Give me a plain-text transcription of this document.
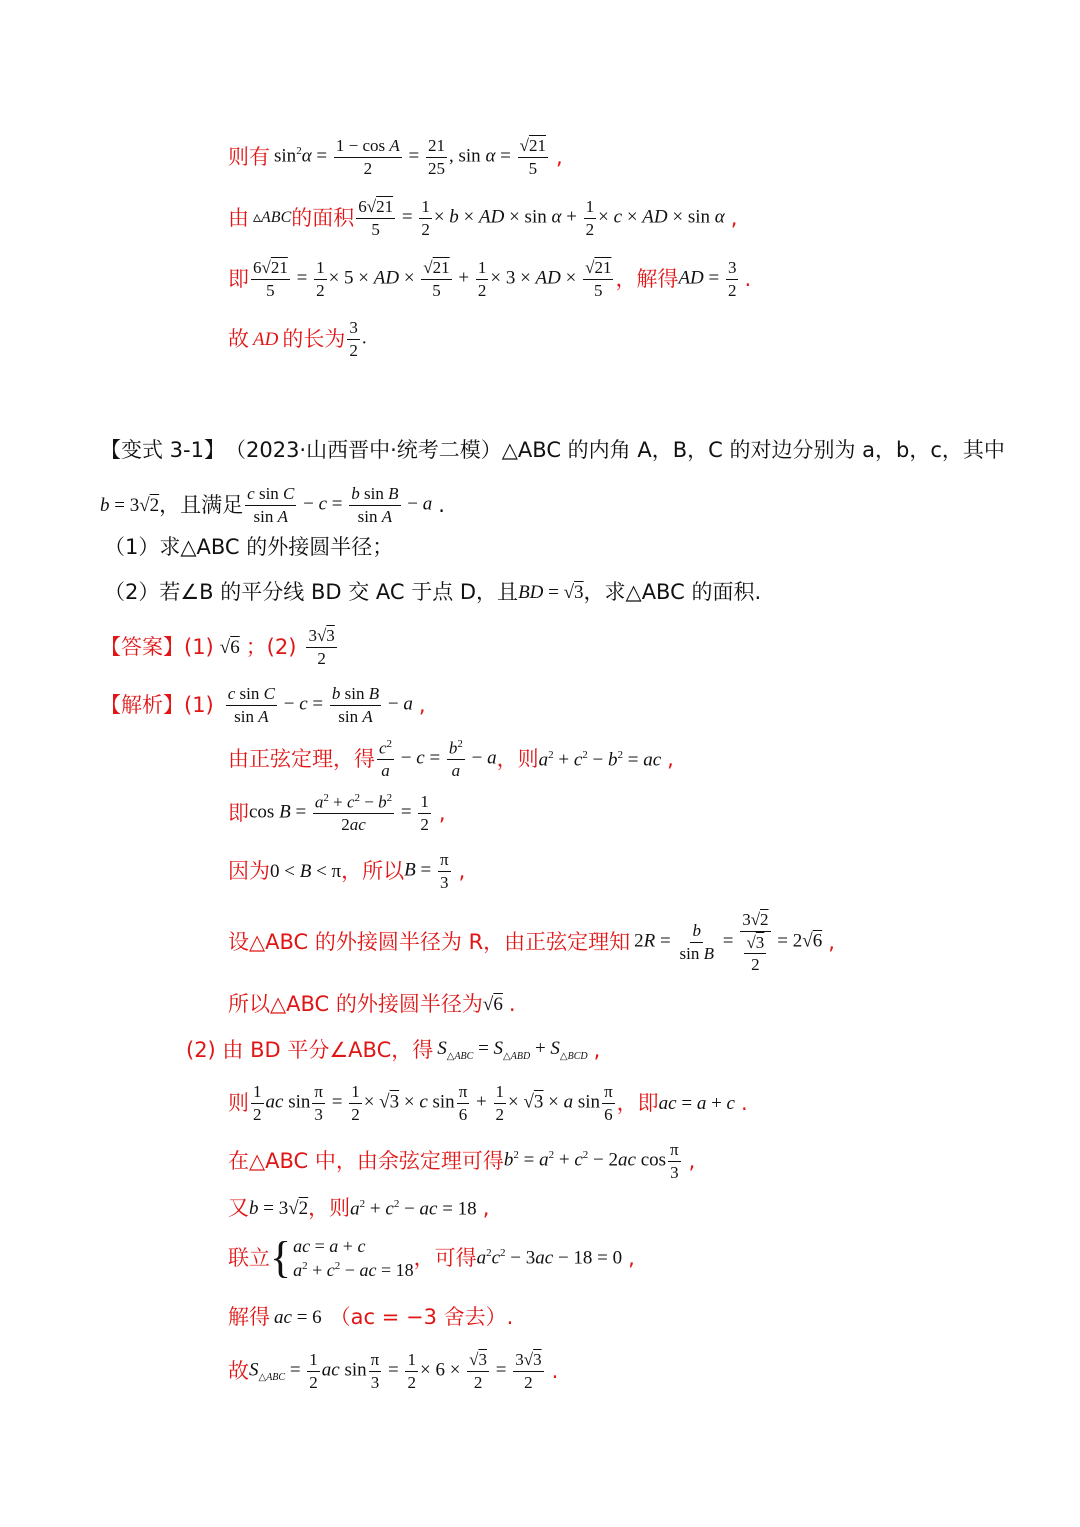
则有 $\sin^2\alpha = \frac{\text{1 − cos A}}{2} = \frac{21}{25}$ , $\sin \alpha = \frac{√21}{5}$ ,
由 ▵ABC 的面积 $\frac{6√21}{5} = \frac{1}{2} \times b$ × AD × $\sin \alpha + \frac{1}{2} \times c$ × AD × sin α ,
即 $\frac{6√21}{5} = \frac{1}{2} \times 5$ × AD × $\frac{√21}{5} + \frac{1}{2} \times 3$ × AD × $\frac{√21}{5}$ ，解得 AD = $\frac{3}{2}$ .
故 AD 的长为 $\frac{3}{2}$ .
【变式 3-1】 （2023·山西晋中·统考二模） △ABC 的内角 A，B，C 的对边分别为 a，b，c，其中
b = 3√2 ，且满足 $\frac{\text{c sin C}}{\text{sin A}} - c = \frac{\text{b sin B}}{\text{sin A}} - a$ .
（1）求△ABC 的外接圆半径；
（2）若∠B 的平分线 BD 交 AC 于点 D，且 BD = √3 ，求△ABC 的面积.
【答案】 (1) √6 ；$(2) \frac{3√3}{2}$
【解析】 $(1) \frac{\text{c sin C}}{\text{sin A}} - c = \frac{\text{b sin B}}{\text{sin A}} - a$ ,
由正弦定理，得 $\frac{c^2}{a} - c = \frac{b^2}{a} - a$ ，则 $a^2 + c^2 - b^2$ = ac ,
即 $\cos B = \frac{a^2 + c^2 - b^2}{2ac} = \frac{1}{2}$ ,
因为 0 < B < π ，所以 $B = \frac{\pi}{3}$ ,
设△ABC 的外接圆半径为 R，由正弦定理知 $2R = \frac{b}{\text{sin B}} = \frac{3√2}{\frac{√3}{2}} = 2√6$ ,
所以△ABC 的外接圆半径为 √6 .
(2) 由 BD 平分∠ABC，得 $S_{\triangle ABC} = S_{\triangle ABD} + S_{\triangle BCD}$ ,
则 $\frac{1}{2}$ ac $\sin \frac{\pi}{3} = \frac{1}{2} \times √3 \times c$ $\sin \frac{\pi}{6} + \frac{1}{2} \times √3 \times a$ $\sin \frac{\pi}{6}$ ，即 ac = a + c .
在△ABC 中，由余弦定理可得 $b^2 = a^2 + c^2 - 2ac$ $\cos \frac{\pi}{3}$ ,
又 b = 3√2 ，则 $a^2 + c^2$ − ac = 18 ,
联立 { ac = a + c
$a^2 + c^2$ − ac = 18
，可得 $a^2c^2 - 3ac - 18 = 0$ ,
解得 ac = 6 （ac = −3 舍去）.
故 $S_{\triangle ABC} = \frac{1}{2}$ ac $\sin \frac{\pi}{3} = \frac{1}{2} \times 6 \times \frac{√3}{2} = \frac{3√3}{2}$ .
